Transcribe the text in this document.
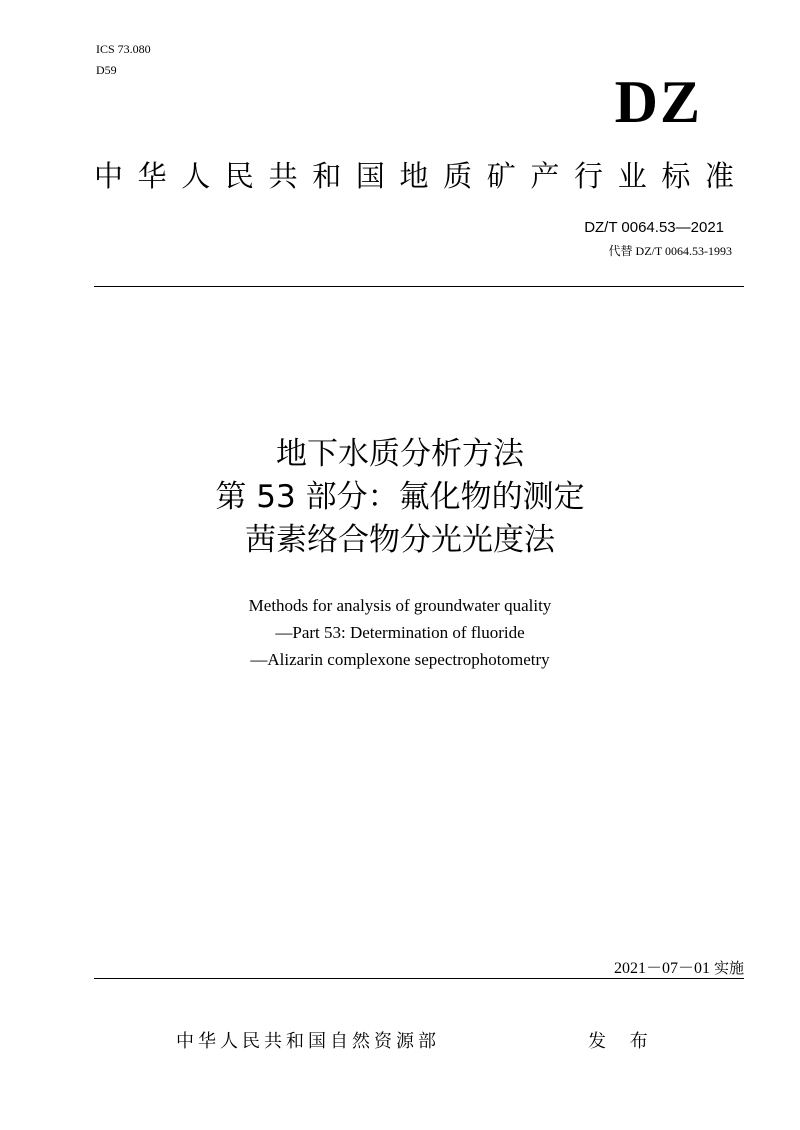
ICS 73.080
D59	DZ
中华人民共和国地质矿产行业标准
DZ/T 0064.53—2021
代替 DZ/T 0064.53-1993
地下水质分析方法
第 53 部分：氟化物的测定
茜素络合物分光光度法
Methods for analysis of groundwater quality
—Part 53: Determination of fluoride
—Alizarin complexone sepectrophotometry
2021－07－01 实施
中华人民共和国自然资源部	发 布
